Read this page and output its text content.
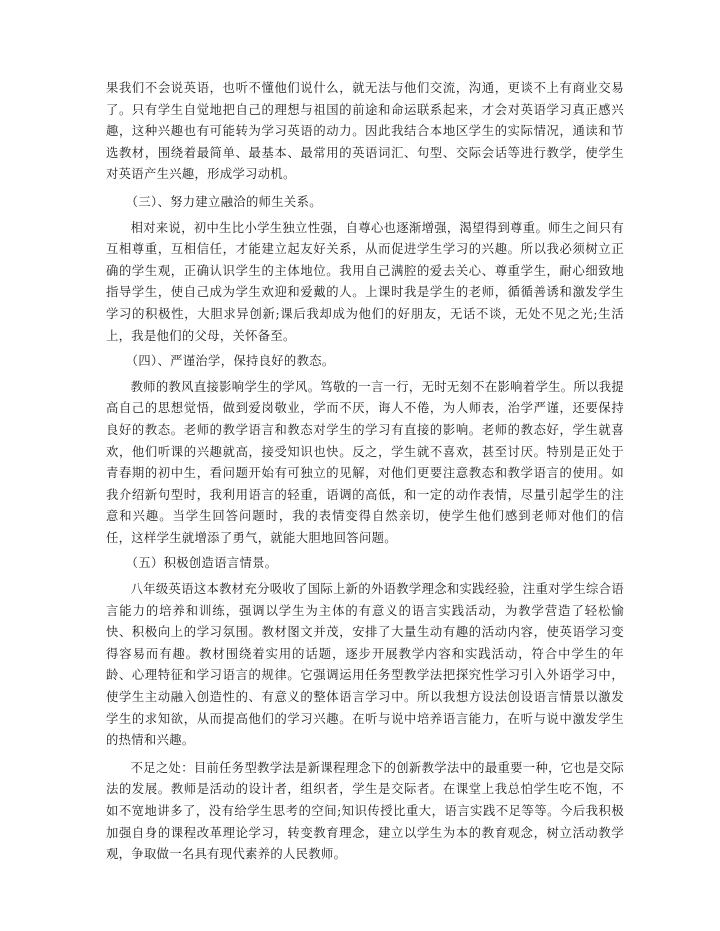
果我们不会说英语，也听不懂他们说什么，就无法与他们交流，沟通，更谈不上有商业交易了。只有学生自觉地把自己的理想与祖国的前途和命运联系起来，才会对英语学习真正感兴趣，这种兴趣也有可能转为学习英语的动力。因此我结合本地区学生的实际情况，通读和节选教材，围绕着最简单、最基本、最常用的英语词汇、句型、交际会话等进行教学，使学生对英语产生兴趣，形成学习动机。

（三）、努力建立融洽的师生关系。

相对来说，初中生比小学生独立性强，自尊心也逐渐增强，渴望得到尊重。师生之间只有互相尊重，互相信任，才能建立起友好关系，从而促进学生学习的兴趣。所以我必须树立正确的学生观，正确认识学生的主体地位。我用自己满腔的爱去关心、尊重学生，耐心细致地指导学生，使自己成为学生欢迎和爱戴的人。上课时我是学生的老师，循循善诱和激发学生学习的积极性，大胆求异创新;课后我却成为他们的好朋友，无话不谈，无处不见之光;生活上，我是他们的父母，关怀备至。

（四）、严谨治学，保持良好的教态。

教师的教风直接影响学生的学风。笃敬的一言一行，无时无刻不在影响着学生。所以我提高自己的思想觉悟，做到爱岗敬业，学而不厌，诲人不倦，为人师表，治学严谨，还要保持良好的教态。老师的教学语言和教态对学生的学习有直接的影响。老师的教态好，学生就喜欢，他们听课的兴趣就高，接受知识也快。反之，学生就不喜欢，甚至讨厌。特别是正处于青春期的初中生，看问题开始有可独立的见解，对他们更要注意教态和教学语言的使用。如我介绍新句型时，我利用语言的轻重，语调的高低，和一定的动作表情，尽量引起学生的注意和兴趣。当学生回答问题时，我的表情变得自然亲切，使学生他们感到老师对他们的信任，这样学生就增添了勇气，就能大胆地回答问题。

（五）积极创造语言情景。

八年级英语这本教材充分吸收了国际上新的外语教学理念和实践经验，注重对学生综合语言能力的培养和训练，强调以学生为主体的有意义的语言实践活动，为教学营造了轻松愉快、积极向上的学习氛围。教材图文并茂，安排了大量生动有趣的活动内容，使英语学习变得容易而有趣。教材围绕着实用的话题，逐步开展教学内容和实践活动，符合中学生的年龄、心理特征和学习语言的规律。它强调运用任务型教学法把探究性学习引入外语学习中，使学生主动融入创造性的、有意义的整体语言学习中。所以我想方设法创设语言情景以激发学生的求知欲，从而提高他们的学习兴趣。在听与说中培养语言能力，在听与说中激发学生的热情和兴趣。

不足之处：目前任务型教学法是新课程理念下的创新教学法中的最重要一种，它也是交际法的发展。教师是活动的设计者，组织者，学生是交际者。在课堂上我总怕学生吃不饱，不如不宽地讲多了，没有给学生思考的空间;知识传授比重大，语言实践不足等等。今后我积极加强自身的课程改革理论学习，转变教育理念，建立以学生为本的教育观念，树立活动教学观，争取做一名具有现代素养的人民教师。
